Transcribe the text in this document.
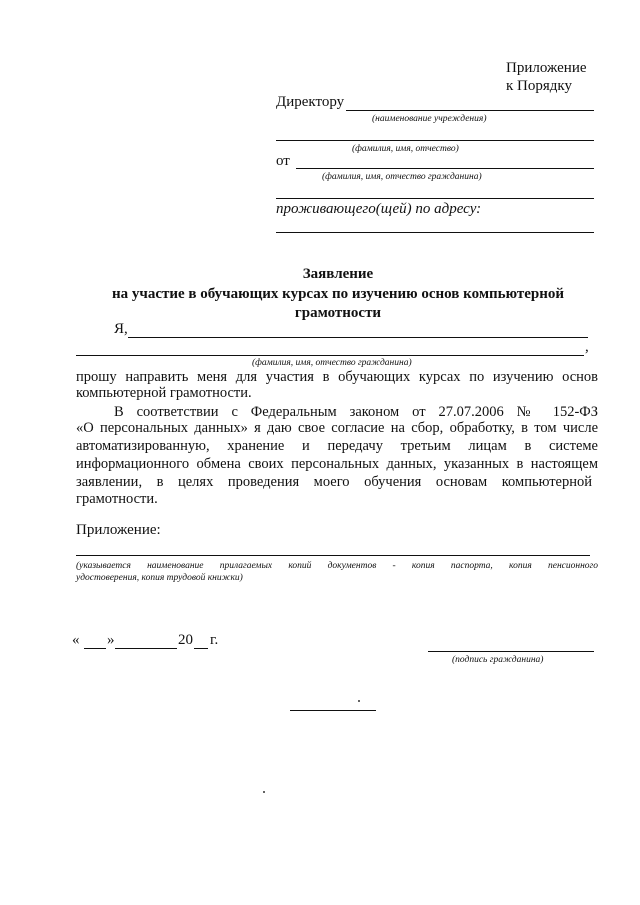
Приложение
к Порядку
Директору
(наименование учреждения)
(фамилия, имя, отчество)
от
(фамилия, имя, отчество гражданина)
проживающего(щей) по адресу:
Заявление
на участие в обучающих курсах по изучению основ компьютерной
грамотности
Я,
,
(фамилия, имя, отчество гражданина)
прошу направить меня для участия в обучающих курсах по изучению основ
компьютерной грамотности.
В соответствии с Федеральным законом от 27.07.2006 № 152-ФЗ
«О персональных данных» я даю свое согласие на сбор, обработку, в том числе
автоматизированную, хранение и передачу третьим лицам в системе
информационного обмена своих персональных данных, указанных в настоящем
заявлении, в целях проведения моего обучения основам компьютерной
грамотности.
Приложение:
(указывается наименование прилагаемых копий документов - копия паспорта, копия пенсионного
удостоверения, копия трудовой книжки)
« »	20 г.
(подпись гражданина)
